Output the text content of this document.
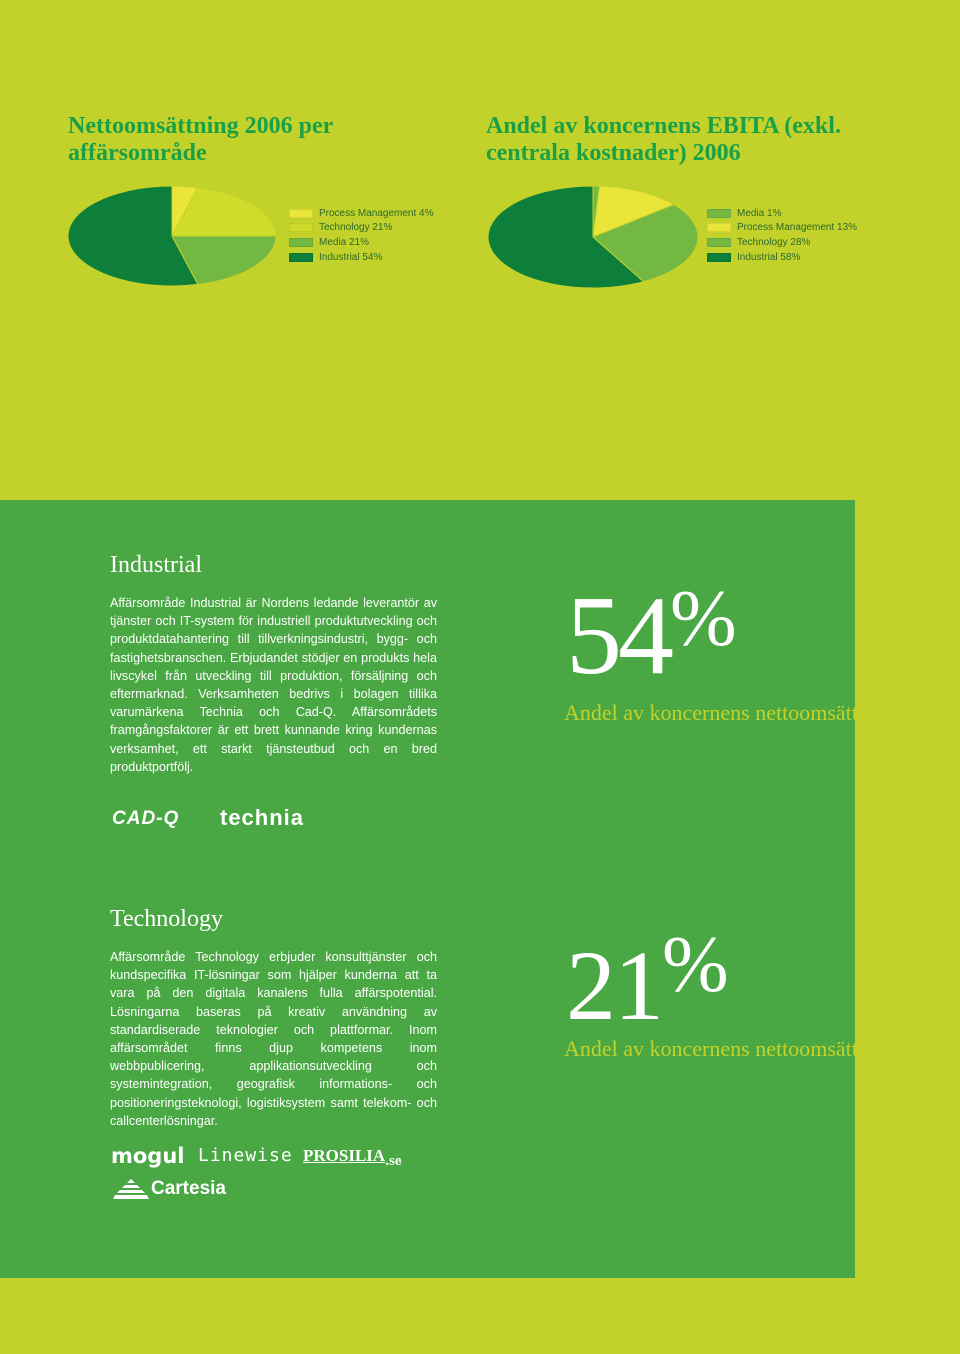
Nettoomsättning 2006 per affärsområde
Andel av koncernens EBITA (exkl. centrala kostnader) 2006
Process Management 4%
Technology 21%
Media 21%
Industrial 54%
Media 1%
Process Management 13%
Technology 28%
Industrial 58%
Industrial

Affärsområde Industrial är Nordens ledande leverantör av tjänster och IT-system för industriell produktutveckling och produktdatahantering till tillverkningsindustri, bygg- och fastighetsbranschen. Erbjudandet stödjer en produkts hela livscykel från utveckling till produktion, försäljning och eftermarknad. Verksamheten bedrivs i bolagen tillika varumärkena Technia och Cad-Q. Affärsområdets framgångsfaktorer är ett brett kunnande kring kundernas verksamhet, ett starkt tjänsteutbud och en bred produktportfölj.

54%

Andel av koncernens nettoomsättning 2006

CAD-Q technia
Technology

Affärsområde Technology erbjuder konsulttjänster och kundspecifika IT-lösningar som hjälper kunderna att ta vara på den digitala kanalens fulla affärspotential. Lösningarna baseras på kreativ användning av standardiserade teknologier och plattformar. Inom affärsområdet finns djup kompetens inom webbpublicering, applikationsutveckling och systemintegration, geografisk informations- och positioneringsteknologi, logistiksystem samt telekom- och callcenterlösningar.

21%

Andel av koncernens nettoomsättning 2006

mogul Linewise PROSILIA.se
Cartesia
